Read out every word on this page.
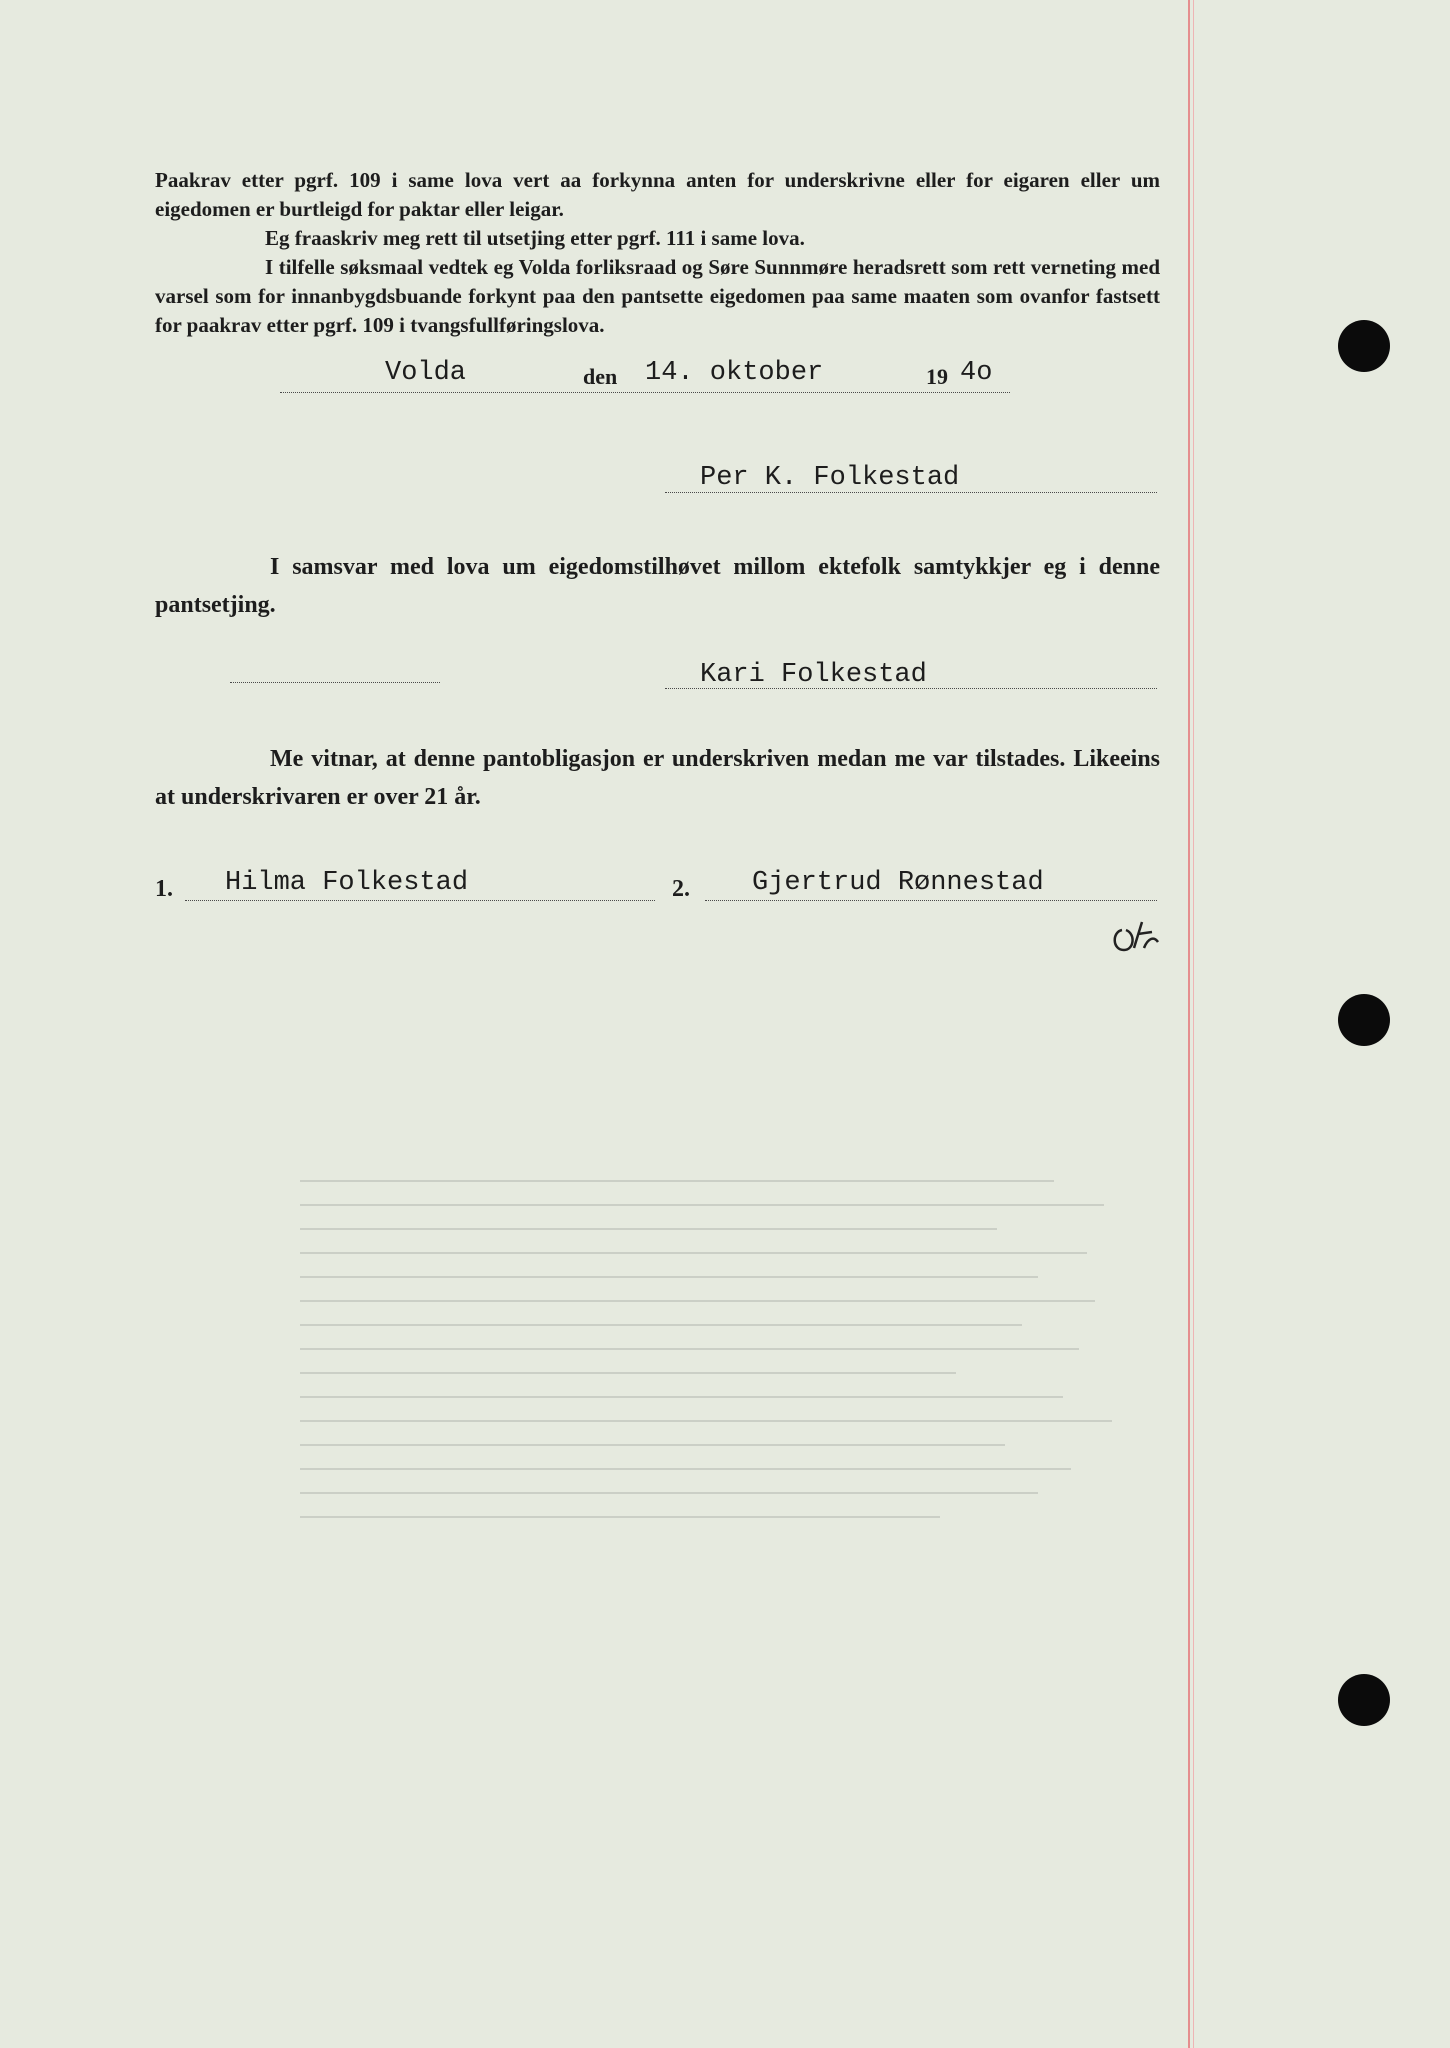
Paakrav etter pgrf. 109 i same lova vert aa forkynna anten for underskrivne eller for eigaren eller um eigedomen er burtleigd for paktar eller leigar.
Eg fraaskriv meg rett til utsetjing etter pgrf. 111 i same lova.
I tilfelle søksmaal vedtek eg Volda forliksraad og Søre Sunnmøre heradsrett som rett verneting med varsel som for innanbygdsbuande forkynt paa den pantsette eigedomen paa same maaten som ovanfor fastsett for paakrav etter pgrf. 109 i tvangsfullføringslova.
Volda	den 14. oktober	19 4o
Per K. Folkestad
I samsvar med lova um eigedomstilhøvet millom ektefolk samtykkjer eg i denne pantsetjing.
Kari Folkestad
Me vitnar, at denne pantobligasjon er underskriven medan me var tilstades. Likeeins at underskrivaren er over 21 år.
1. Hilma Folkestad	2. Gjertrud Rønnestad
